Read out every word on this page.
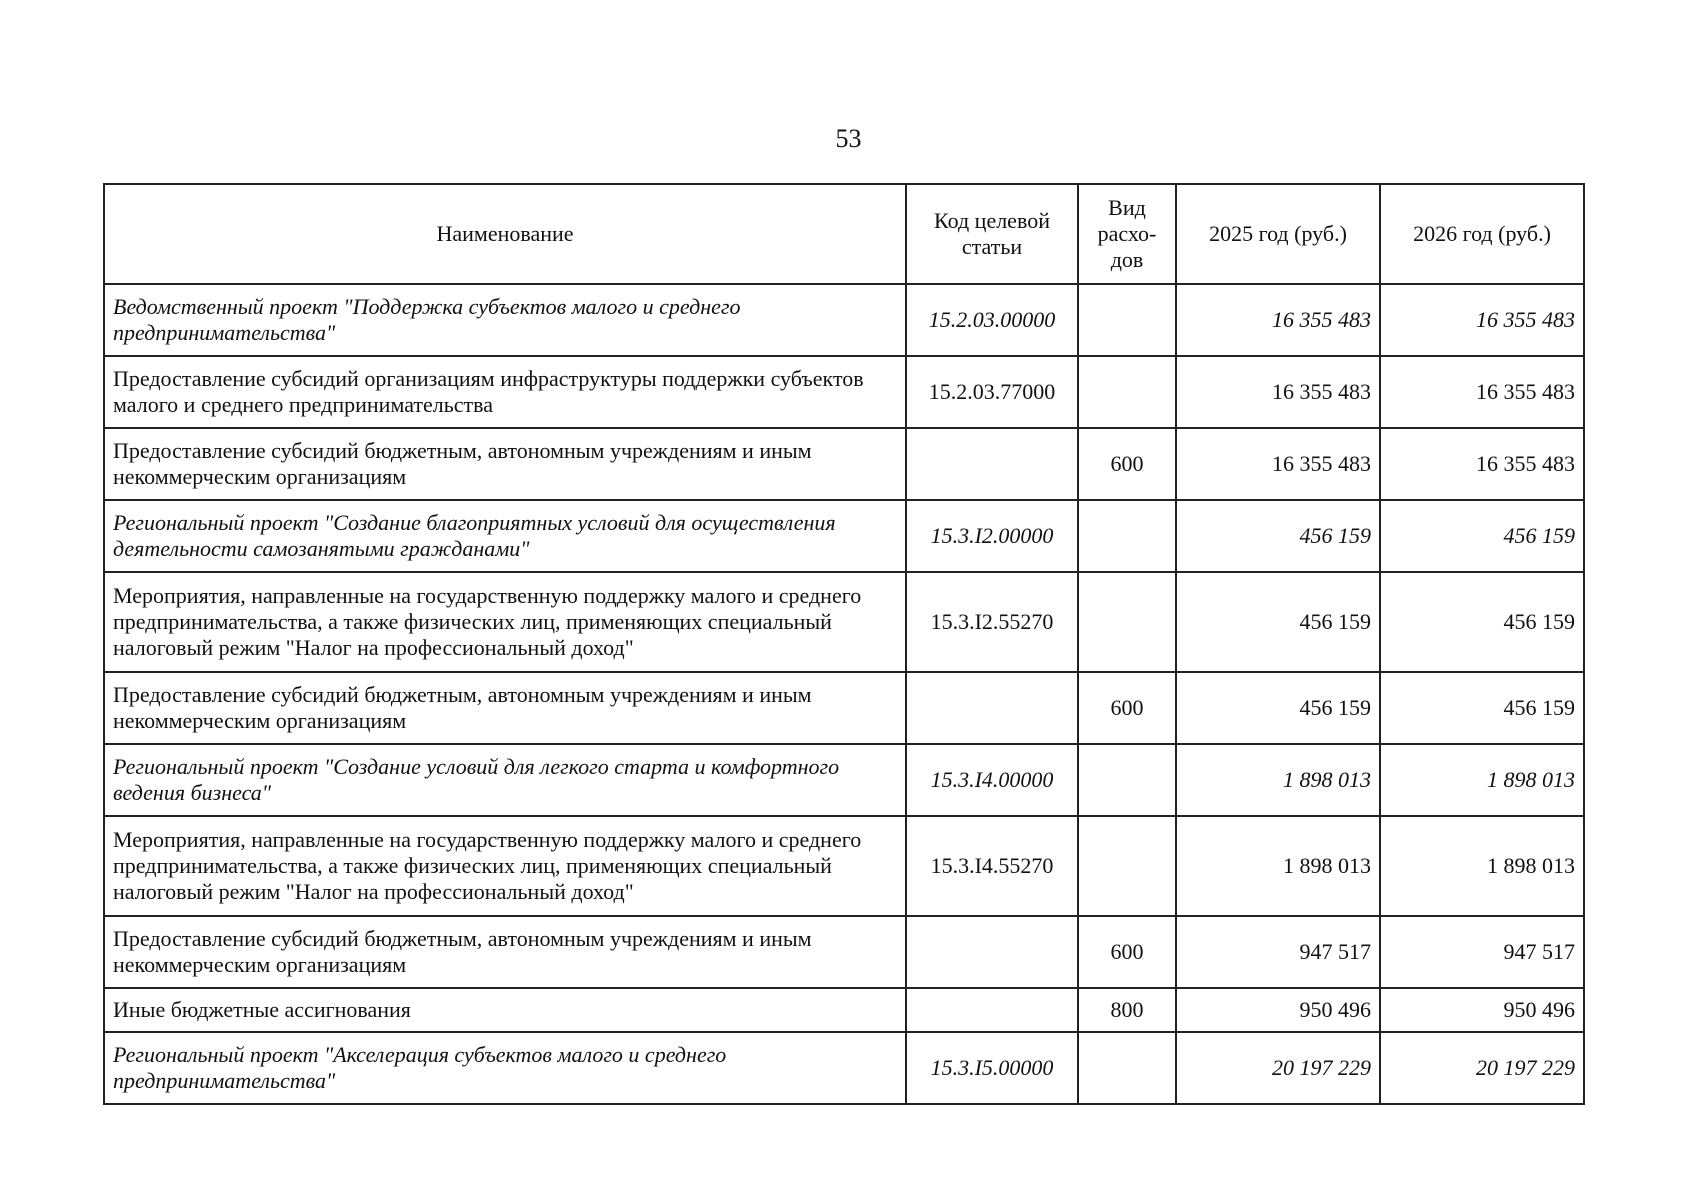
53
Наименование	Код целевой статьи	Вид расхо-дов	2025 год (руб.)	2026 год (руб.)
Ведомственный проект "Поддержка субъектов малого и среднего предпринимательства"	15.2.03.00000		16 355 483	16 355 483
Предоставление субсидий организациям инфраструктуры поддержки субъектов малого и среднего предпринимательства	15.2.03.77000		16 355 483	16 355 483
Предоставление субсидий бюджетным, автономным учреждениям и иным некоммерческим организациям		600	16 355 483	16 355 483
Региональный проект "Создание благоприятных условий для осуществления деятельности самозанятыми гражданами"	15.3.I2.00000		456 159	456 159
Мероприятия, направленные на государственную поддержку малого и среднего предпринимательства, а также физических лиц, применяющих специальный налоговый режим "Налог на профессиональный доход"	15.3.I2.55270		456 159	456 159
Предоставление субсидий бюджетным, автономным учреждениям и иным некоммерческим организациям		600	456 159	456 159
Региональный проект "Создание условий для легкого старта и комфортного ведения бизнеса"	15.3.I4.00000		1 898 013	1 898 013
Мероприятия, направленные на государственную поддержку малого и среднего предпринимательства, а также физических лиц, применяющих специальный налоговый режим "Налог на профессиональный доход"	15.3.I4.55270		1 898 013	1 898 013
Предоставление субсидий бюджетным, автономным учреждениям и иным некоммерческим организациям		600	947 517	947 517
Иные бюджетные ассигнования		800	950 496	950 496
Региональный проект "Акселерация субъектов малого и среднего предпринимательства"	15.3.I5.00000		20 197 229	20 197 229
